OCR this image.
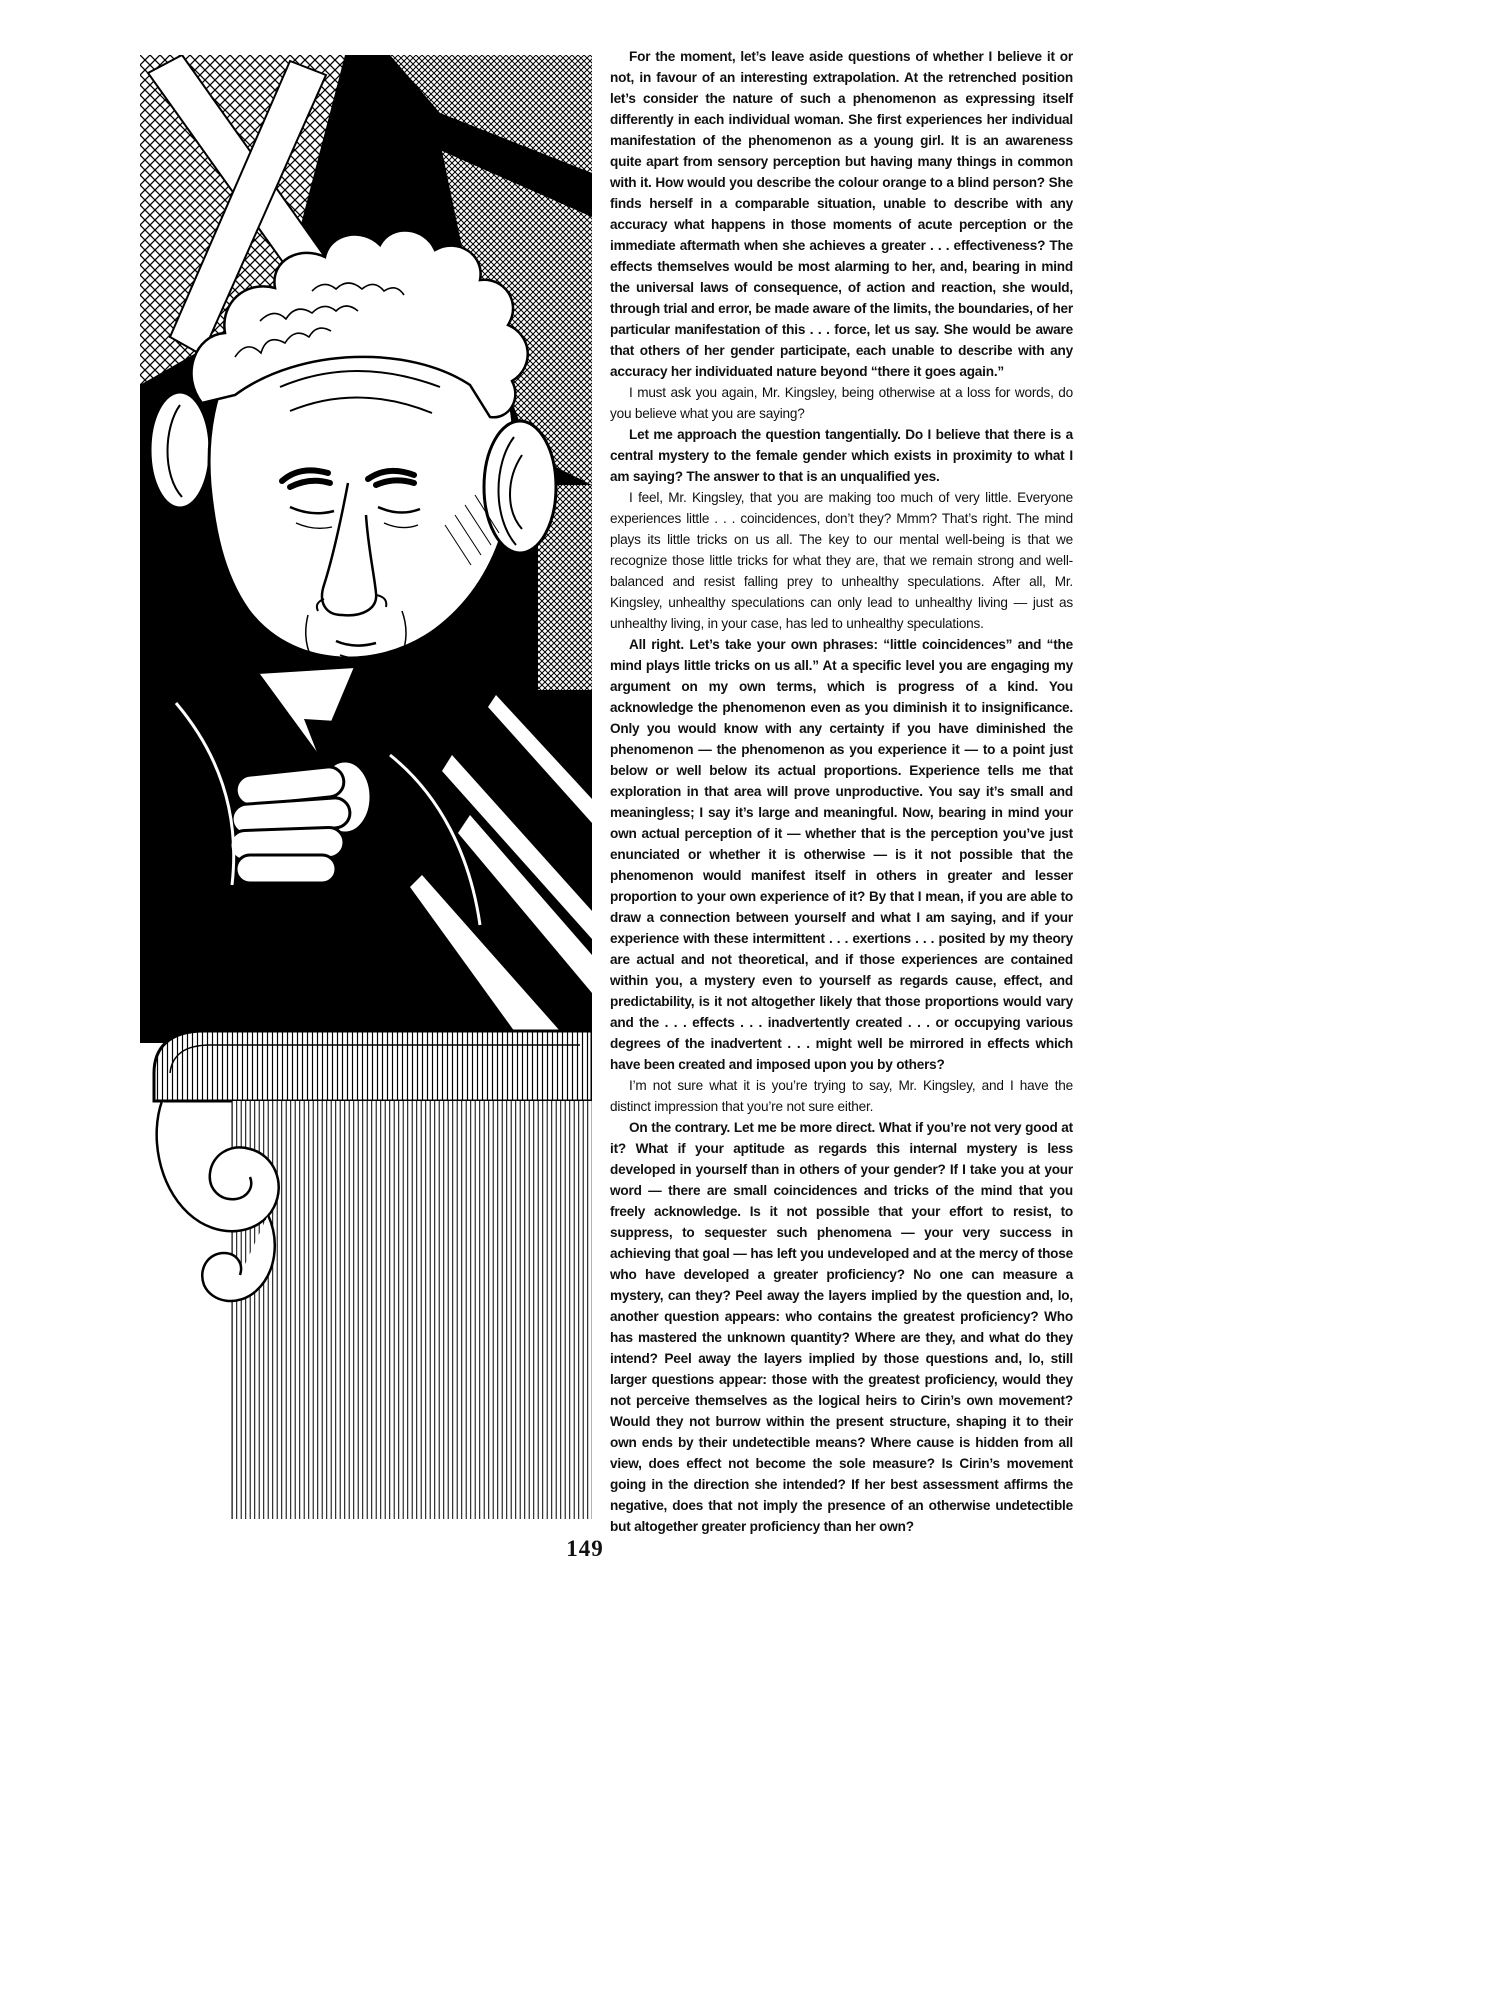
For the moment, let’s leave aside questions of whether I believe it or not, in favour of an interesting extrapolation. At the retrenched position let’s consider the nature of such a phenomenon as expressing itself differently in each individual woman. She first experiences her individual manifestation of the phenomenon as a young girl. It is an awareness quite apart from sensory perception but having many things in common with it. How would you describe the colour orange to a blind person? She finds herself in a comparable situation, unable to describe with any accuracy what happens in those moments of acute perception or the immediate aftermath when she achieves a greater . . . effectiveness? The effects themselves would be most alarming to her, and, bearing in mind the universal laws of consequence, of action and reaction, she would, through trial and error, be made aware of the limits, the boundaries, of her particular manifestation of this . . . force, let us say. She would be aware that others of her gender participate, each unable to describe with any accuracy her individuated nature beyond “there it goes again.”

I must ask you again, Mr. Kingsley, being otherwise at a loss for words, do you believe what you are saying?

Let me approach the question tangentially. Do I believe that there is a central mystery to the female gender which exists in proximity to what I am saying? The answer to that is an unqualified yes.

I feel, Mr. Kingsley, that you are making too much of very little. Everyone experiences little . . . coincidences, don’t they? Mmm? That’s right. The mind plays its little tricks on us all. The key to our mental well-being is that we recognize those little tricks for what they are, that we remain strong and well-balanced and resist falling prey to unhealthy speculations. After all, Mr. Kingsley, unhealthy speculations can only lead to unhealthy living — just as unhealthy living, in your case, has led to unhealthy speculations.

All right. Let’s take your own phrases: “little coincidences” and “the mind plays little tricks on us all.” At a specific level you are engaging my argument on my own terms, which is progress of a kind. You acknowledge the phenomenon even as you diminish it to insignificance. Only you would know with any certainty if you have diminished the phenomenon — the phenomenon as you experience it — to a point just below or well below its actual proportions. Experience tells me that exploration in that area will prove unproductive. You say it’s small and meaningless; I say it’s large and meaningful. Now, bearing in mind your own actual perception of it — whether that is the perception you’ve just enunciated or whether it is otherwise — is it not possible that the phenomenon would manifest itself in others in greater and lesser proportion to your own experience of it? By that I mean, if you are able to draw a connection between yourself and what I am saying, and if your experience with these intermittent . . . exertions . . . posited by my theory are actual and not theoretical, and if those experiences are contained within you, a mystery even to yourself as regards cause, effect, and predictability, is it not altogether likely that those proportions would vary and the . . . effects . . . inadvertently created . . . or occupying various degrees of the inadvertent . . . might well be mirrored in effects which have been created and imposed upon you by others?

I’m not sure what it is you’re trying to say, Mr. Kingsley, and I have the distinct impression that you’re not sure either.

On the contrary. Let me be more direct. What if you’re not very good at it? What if your aptitude as regards this internal mystery is less developed in yourself than in others of your gender? If I take you at your word — there are small coincidences and tricks of the mind that you freely acknowledge. Is it not possible that your effort to resist, to suppress, to sequester such phenomena — your very success in achieving that goal — has left you undeveloped and at the mercy of those who have developed a greater proficiency? No one can measure a mystery, can they? Peel away the layers implied by the question and, lo, another question appears: who contains the greatest proficiency? Who has mastered the unknown quantity? Where are they, and what do they intend? Peel away the layers implied by those questions and, lo, still larger questions appear: those with the greatest proficiency, would they not perceive themselves as the logical heirs to Cirin’s own movement? Would they not burrow within the present structure, shaping it to their own ends by their undetectible means? Where cause is hidden from all view, does effect not become the sole measure? Is Cirin’s movement going in the direction she intended? If her best assessment affirms the negative, does that not imply the presence of an otherwise undetectible but altogether greater proficiency than her own?

149
